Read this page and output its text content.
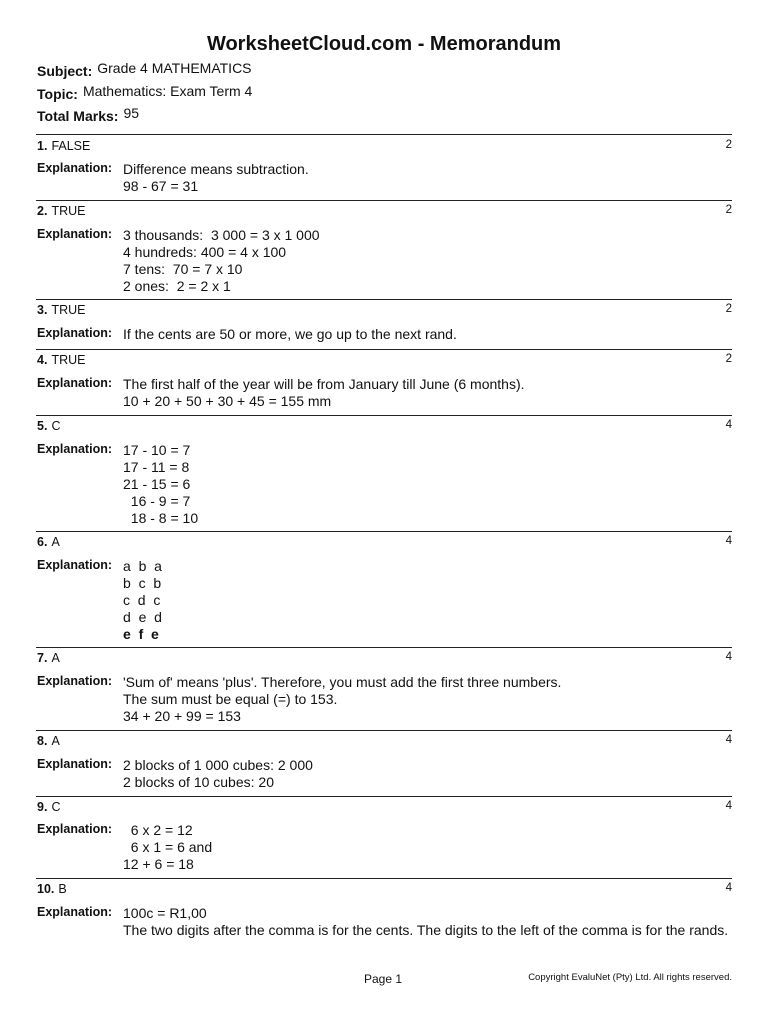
WorksheetCloud.com - Memorandum
Subject: Grade 4 MATHEMATICS
Topic: Mathematics: Exam Term 4
Total Marks: 95
1. FALSE	2
Explanation: Difference means subtraction.
98 - 67 = 31
2. TRUE	2
Explanation: 3 thousands:  3 000 = 3 x 1 000
4 hundreds: 400 = 4 x 100
7 tens:  70 = 7 x 10
2 ones:  2 = 2 x 1
3. TRUE	2
Explanation: If the cents are 50 or more, we go up to the next rand.
4. TRUE	2
Explanation: The first half of the year will be from January till June (6 months).
10 + 20 + 50 + 30 + 45 = 155 mm
5. C	4
Explanation: 17 - 10 = 7
17 - 11 = 8
21 - 15 = 6
16 - 9 = 7
18 - 8 = 10
6. A	4
Explanation: a  b  a
b  c  b
c  d  c
d  e  d
e  f  e
7. A	4
Explanation: 'Sum of' means 'plus'. Therefore, you must add the first three numbers.
The sum must be equal (=) to 153.
34 + 20 + 99 = 153
8. A	4
Explanation: 2 blocks of 1 000 cubes: 2 000
2 blocks of 10 cubes: 20
9. C	4
Explanation: 6 x 2 = 12
6 x 1 = 6 and
12 + 6 = 18
10. B	4
Explanation: 100c = R1,00
The two digits after the comma is for the cents. The digits to the left of the comma is for the rands.
Page 1	Copyright EvaluNet (Pty) Ltd. All rights reserved.
